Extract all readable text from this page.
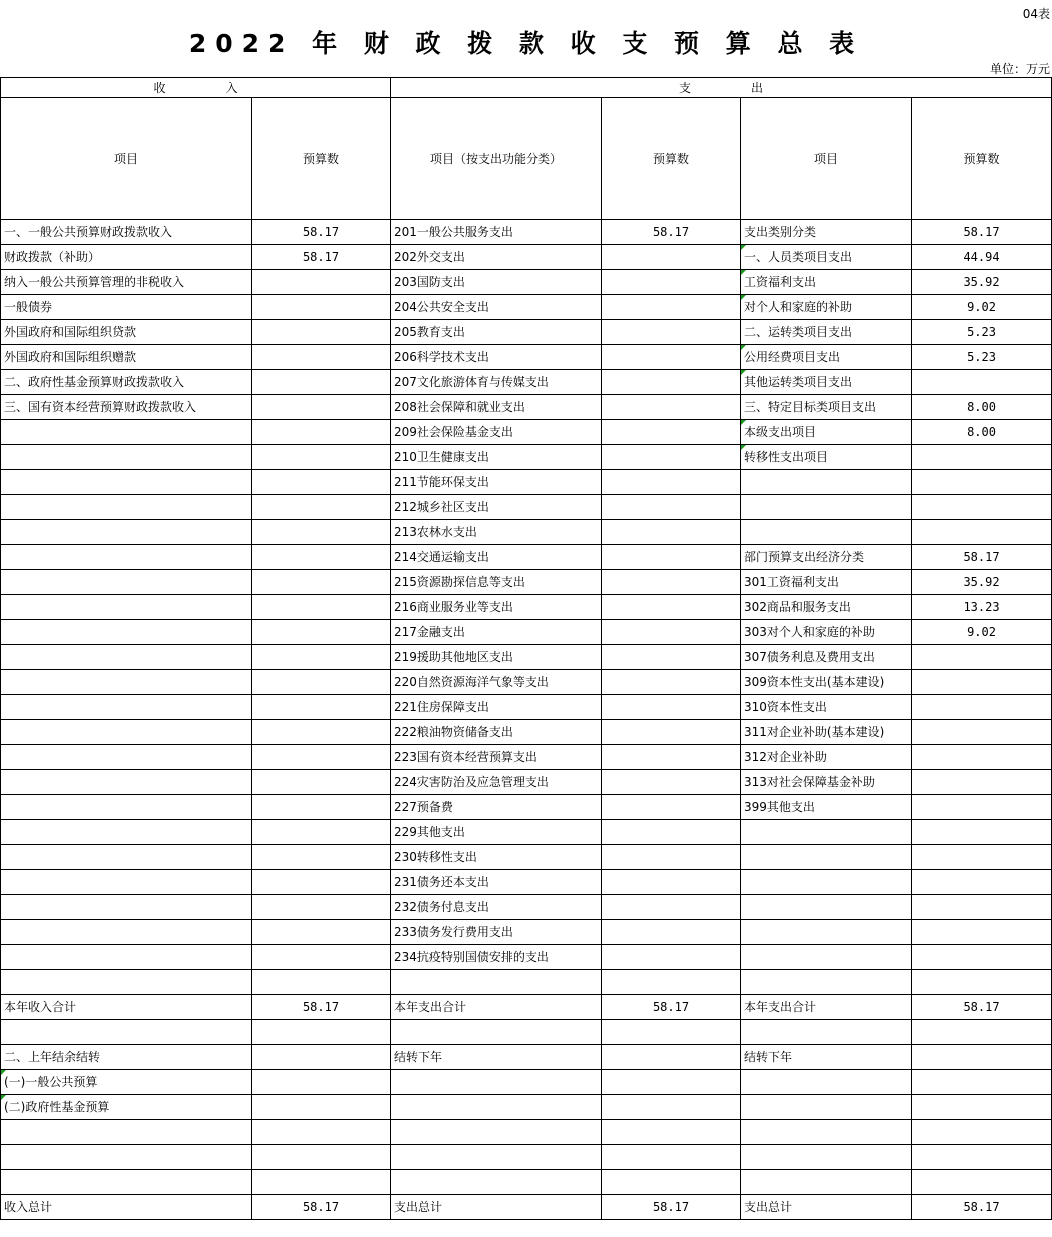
04表
2022 年 财 政 拨 款 收 支 预 算 总 表
单位：万元
收　　　　　入		支　　　　　出			
项目	预算数	项目（按支出功能分类）	预算数	项目	预算数
一、一般公共预算财政拨款收入	58.17	201一般公共服务支出	58.17	支出类别分类	58.17
财政拨款（补助）	58.17	202外交支出		一、人员类项目支出	44.94
纳入一般公共预算管理的非税收入		203国防支出		工资福利支出	35.92
一般债券		204公共安全支出		对个人和家庭的补助	9.02
外国政府和国际组织贷款		205教育支出		二、运转类项目支出	5.23
外国政府和国际组织赠款		206科学技术支出		公用经费项目支出	5.23
二、政府性基金预算财政拨款收入		207文化旅游体育与传媒支出		其他运转类项目支出	
三、国有资本经营预算财政拨款收入		208社会保障和就业支出		三、特定目标类项目支出	8.00
		209社会保险基金支出		本级支出项目	8.00
		210卫生健康支出		转移性支出项目	
		211节能环保支出			
		212城乡社区支出			
		213农林水支出			
		214交通运输支出		部门预算支出经济分类	58.17
		215资源勘探信息等支出		301工资福利支出	35.92
		216商业服务业等支出		302商品和服务支出	13.23
		217金融支出		303对个人和家庭的补助	9.02
		219援助其他地区支出		307债务利息及费用支出	
		220自然资源海洋气象等支出		309资本性支出(基本建设)	
		221住房保障支出		310资本性支出	
		222粮油物资储备支出		311对企业补助(基本建设)	
		223国有资本经营预算支出		312对企业补助	
		224灾害防治及应急管理支出		313对社会保障基金补助	
		227预备费		399其他支出	
		229其他支出			
		230转移性支出			
		231债务还本支出			
		232债务付息支出			
		233债务发行费用支出			
		234抗疫特别国债安排的支出			

本年收入合计	58.17	本年支出合计	58.17	本年支出合计	58.17

二、上年结余结转		结转下年		结转下年	
(一)一般公共预算					
(二)政府性基金预算					

收入总计	58.17	支出总计	58.17	支出总计	58.17
